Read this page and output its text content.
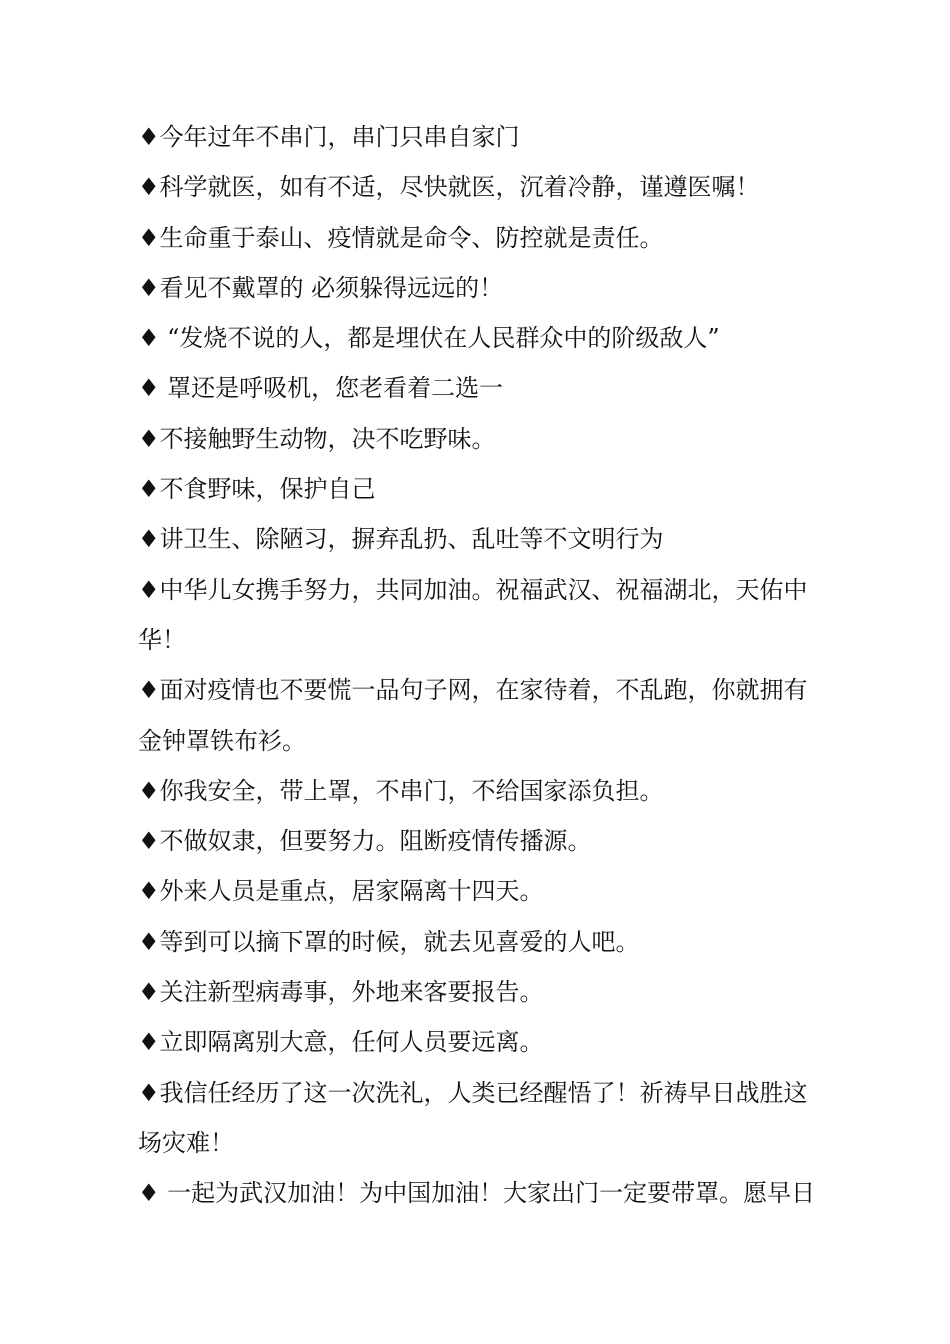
♦今年过年不串门，串门只串自家门
♦科学就医，如有不适，尽快就医，沉着冷静，谨遵医嘱！
♦生命重于泰山、疫情就是命令、防控就是责任。
♦看见不戴罩的 必须躲得远远的！
♦ “发烧不说的人，都是埋伏在人民群众中的阶级敌人”
♦ 罩还是呼吸机，您老看着二选一
♦不接触野生动物，决不吃野味。
♦不食野味，保护自己
♦讲卫生、除陋习，摒弃乱扔、乱吐等不文明行为
♦中华儿女携手努力，共同加油。祝福武汉、祝福湖北，天佑中
华！
♦面对疫情也不要慌一品句子网，在家待着，不乱跑，你就拥有
金钟罩铁布衫。
♦你我安全，带上罩，不串门，不给国家添负担。
♦不做奴隶，但要努力。阻断疫情传播源。
♦外来人员是重点，居家隔离十四天。
♦等到可以摘下罩的时候，就去见喜爱的人吧。
♦关注新型病毒事，外地来客要报告。
♦立即隔离别大意，任何人员要远离。
♦我信任经历了这一次洗礼，人类已经醒悟了！祈祷早日战胜这
场灾难！
♦ 一起为武汉加油！为中国加油！大家出门一定要带罩。愿早日
